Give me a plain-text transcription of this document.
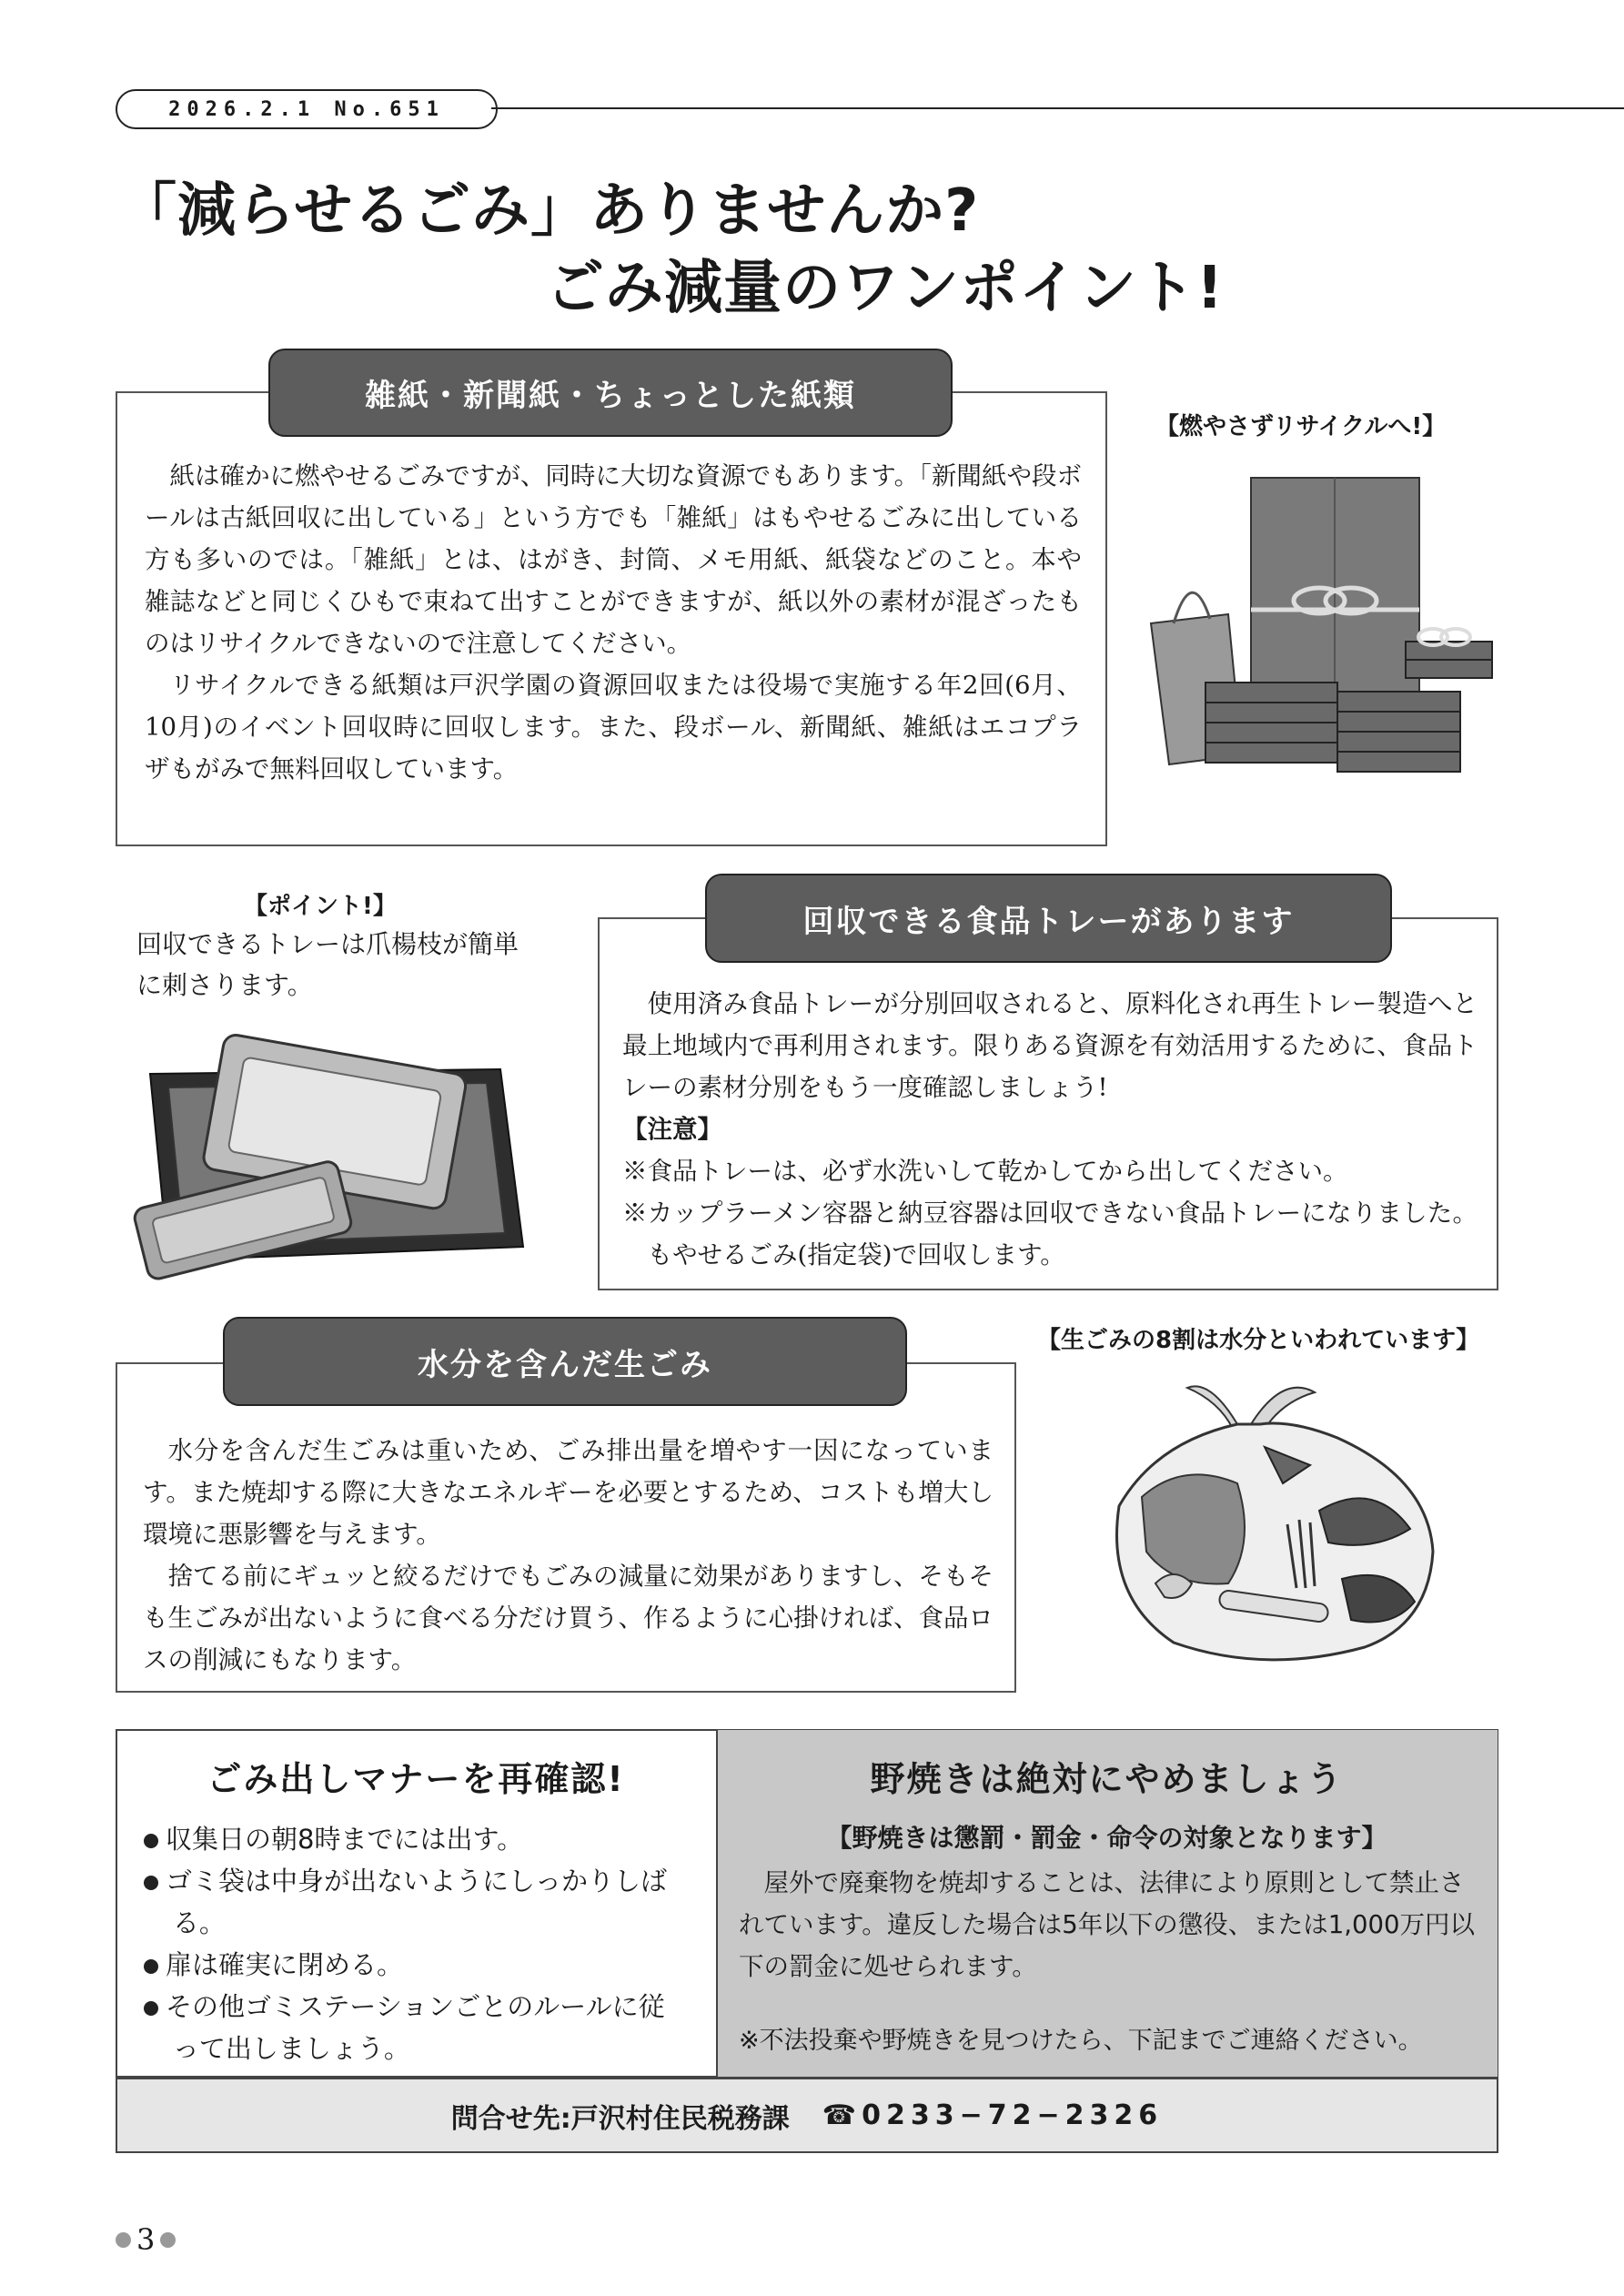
2026.2.1 No.651
「減らせるごみ」ありませんか?
ごみ減量のワンポイント!

紙は確かに燃やせるごみですが、同時に大切な資源でもあります。「新聞紙や段ボールは古紙回収に出している」という方でも「雑紙」はもやせるごみに出している方も多いのでは。「雑紙」とは、はがき、封筒、メモ用紙、紙袋などのこと。本や雑誌などと同じくひもで束ねて出すことができますが、紙以外の素材が混ざったものはリサイクルできないので注意してください。

リサイクルできる紙類は戸沢学園の資源回収または役場で実施する年2回(6月、10月)のイベント回収時に回収します。また、段ボール、新聞紙、雑紙はエコプラザもがみで無料回収しています。

雑紙・新聞紙・ちょっとした紙類
【燃やさずリサイクルへ!】
【ポイント!】
回収できるトレーは爪楊枝が簡単に刺さります。

使用済み食品トレーが分別回収されると、原料化され再生トレー製造へと最上地域内で再利用されます。限りある資源を有効活用するために、食品トレーの素材分別をもう一度確認しましょう!

【注意】
※食品トレーは、必ず水洗いして乾かしてから出してください。
※カップラーメン容器と納豆容器は回収できない食品トレーになりました。もやせるごみ(指定袋)で回収します。
回収できる食品トレーがあります

水分を含んだ生ごみは重いため、ごみ排出量を増やす一因になっています。また焼却する際に大きなエネルギーを必要とするため、コストも増大し環境に悪影響を与えます。

捨てる前にギュッと絞るだけでもごみの減量に効果がありますし、そもそも生ごみが出ないように食べる分だけ買う、作るように心掛ければ、食品ロスの削減にもなります。

水分を含んだ生ごみ
【生ごみの8割は水分といわれています】
ごみ出しマナーを再確認!
収集日の朝8時までには出す。
ゴミ袋は中身が出ないようにしっかりしばる。
扉は確実に閉める。
その他ゴミステーションごとのルールに従って出しましょう。
野焼きは絶対にやめましょう
【野焼きは懲罰・罰金・命令の対象となります】
屋外で廃棄物を焼却することは、法律により原則として禁止されています。違反した場合は5年以下の懲役、または1,000万円以下の罰金に処せられます。
※不法投棄や野焼きを見つけたら、下記までご連絡ください。
問合せ先:戸沢村住民税務課 ☎0233−72−2326
3
